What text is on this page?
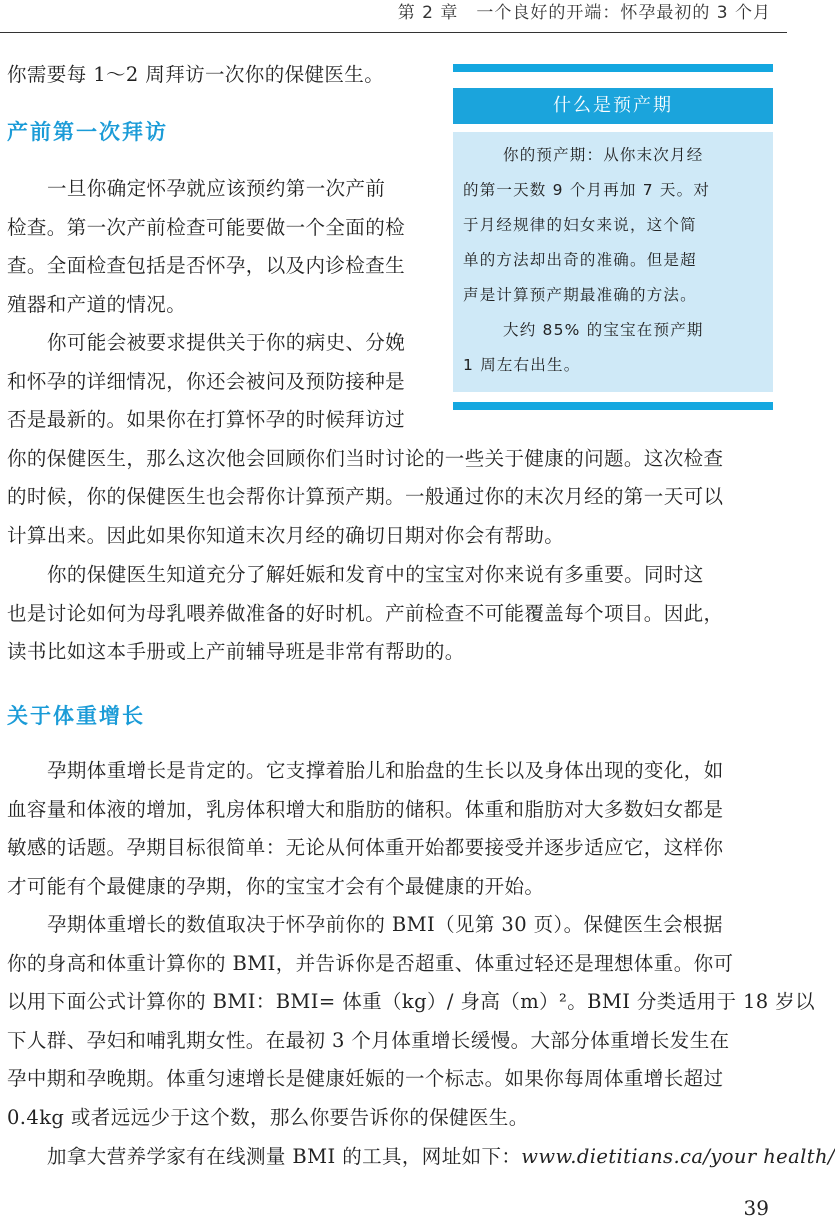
第 2 章　一个良好的开端：怀孕最初的 3 个月

你需要每 1～2 周拜访一次你的保健医生。

产前第一次拜访

一旦你确定怀孕就应该预约第一次产前
检查。第一次产前检查可能要做一个全面的检
查。全面检查包括是否怀孕，以及内诊检查生
殖器和产道的情况。

你可能会被要求提供关于你的病史、分娩
和怀孕的详细情况，你还会被问及预防接种是
否是最新的。如果你在打算怀孕的时候拜访过
你的保健医生，那么这次他会回顾你们当时讨论的一些关于健康的问题。这次检查
的时候，你的保健医生也会帮你计算预产期。一般通过你的末次月经的第一天可以
计算出来。因此如果你知道末次月经的确切日期对你会有帮助。

你的保健医生知道充分了解妊娠和发育中的宝宝对你来说有多重要。同时这
也是讨论如何为母乳喂养做准备的好时机。产前检查不可能覆盖每个项目。因此，
读书比如这本手册或上产前辅导班是非常有帮助的。

什么是预产期
你的预产期：从你末次月经
的第一天数 9 个月再加 7 天。对
于月经规律的妇女来说，这个简
单的方法却出奇的准确。但是超
声是计算预产期最准确的方法。
大约 85% 的宝宝在预产期
1 周左右出生。
关于体重增长

孕期体重增长是肯定的。它支撑着胎儿和胎盘的生长以及身体出现的变化，如
血容量和体液的增加，乳房体积增大和脂肪的储积。体重和脂肪对大多数妇女都是
敏感的话题。孕期目标很简单：无论从何体重开始都要接受并逐步适应它，这样你
才可能有个最健康的孕期，你的宝宝才会有个最健康的开始。

孕期体重增长的数值取决于怀孕前你的 BMI（见第 30 页）。保健医生会根据
你的身高和体重计算你的 BMI，并告诉你是否超重、体重过轻还是理想体重。你可
以用下面公式计算你的 BMI：BMI= 体重（kg）/ 身高（m）²。BMI 分类适用于 18 岁以
下人群、孕妇和哺乳期女性。在最初 3 个月体重增长缓慢。大部分体重增长发生在
孕中期和孕晚期。体重匀速增长是健康妊娠的一个标志。如果你每周体重增长超过
0.4kg 或者远远少于这个数，那么你要告诉你的保健医生。

加拿大营养学家有在线测量 BMI 的工具，网址如下：www.dietitians.ca/your health/

39
